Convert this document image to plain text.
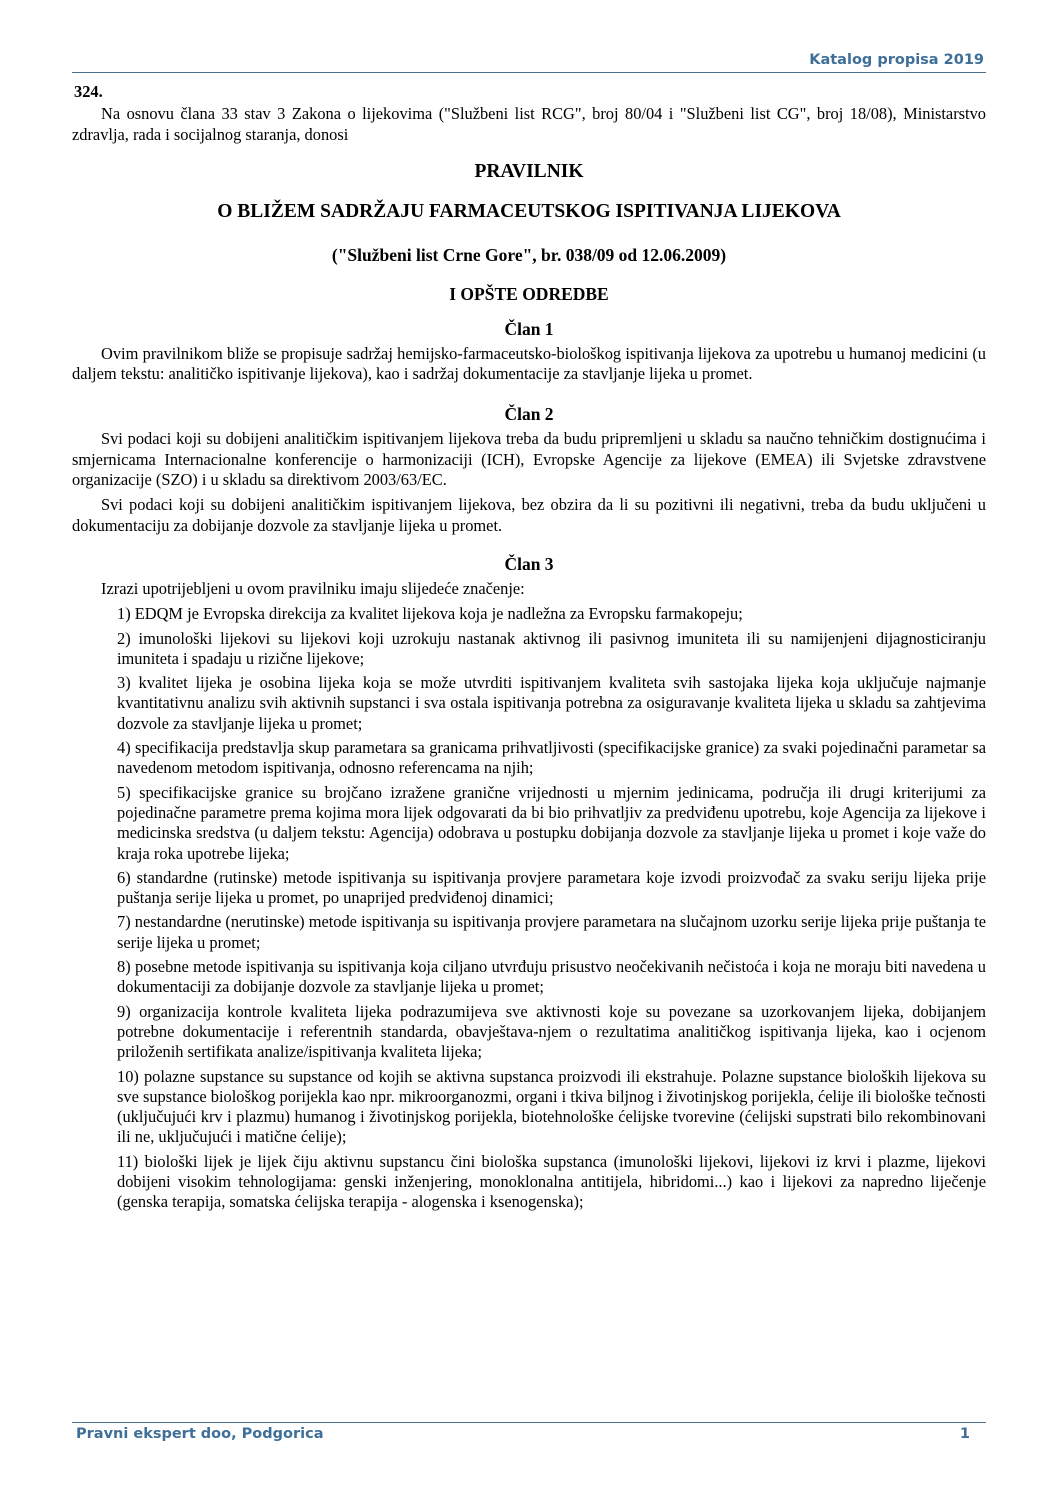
Katalog propisa 2019
324.

Na osnovu člana 33 stav 3 Zakona o lijekovima ("Službeni list RCG", broj 80/04 i "Službeni list CG", broj 18/08), Ministarstvo zdravlja, rada i socijalnog staranja, donosi

PRAVILNIK
O BLIŽEM SADRŽAJU FARMACEUTSKOG ISPITIVANJA LIJEKOVA
("Službeni list Crne Gore", br. 038/09 od 12.06.2009)
I OPŠTE ODREDBE
Član 1

Ovim pravilnikom bliže se propisuje sadržaj hemijsko-farmaceutsko-biološkog ispitivanja lijekova za upotrebu u humanoj medicini (u daljem tekstu: analitičko ispitivanje lijekova), kao i sadržaj dokumentacije za stavljanje lijeka u promet.

Član 2

Svi podaci koji su dobijeni analitičkim ispitivanjem lijekova treba da budu pripremljeni u skladu sa naučno tehničkim dostignućima i smjernicama Internacionalne konferencije o harmonizaciji (ICH), Evropske Agencije za lijekove (EMEA) ili Svjetske zdravstvene organizacije (SZO) i u skladu sa direktivom 2003/63/EC.

Svi podaci koji su dobijeni analitičkim ispitivanjem lijekova, bez obzira da li su pozitivni ili negativni, treba da budu uključeni u dokumentaciju za dobijanje dozvole za stavljanje lijeka u promet.

Član 3

Izrazi upotrijebljeni u ovom pravilniku imaju slijedeće značenje:

1) EDQM je Evropska direkcija za kvalitet lijekova koja je nadležna za Evropsku farmakopeju;

2) imunološki lijekovi su lijekovi koji uzrokuju nastanak aktivnog ili pasivnog imuniteta ili su namijenjeni dijagnosticiranju imuniteta i spadaju u rizične lijekove;

3) kvalitet lijeka je osobina lijeka koja se može utvrditi ispitivanjem kvaliteta svih sastojaka lijeka koja uključuje najmanje kvantitativnu analizu svih aktivnih supstanci i sva ostala ispitivanja potrebna za osiguravanje kvaliteta lijeka u skladu sa zahtjevima dozvole za stavljanje lijeka u promet;

4) specifikacija predstavlja skup parametara sa granicama prihvatljivosti (specifikacijske granice) za svaki pojedinačni parametar sa navedenom metodom ispitivanja, odnosno referencama na njih;

5) specifikacijske granice su brojčano izražene granične vrijednosti u mjernim jedinicama, područja ili drugi kriterijumi za pojedinačne parametre prema kojima mora lijek odgovarati da bi bio prihvatljiv za predviđenu upotrebu, koje Agencija za lijekove i medicinska sredstva (u daljem tekstu: Agencija) odobrava u postupku dobijanja dozvole za stavljanje lijeka u promet i koje važe do kraja roka upotrebe lijeka;

6) standardne (rutinske) metode ispitivanja su ispitivanja provjere parametara koje izvodi proizvođač za svaku seriju lijeka prije puštanja serije lijeka u promet, po unaprijed predviđenoj dinamici;

7) nestandardne (nerutinske) metode ispitivanja su ispitivanja provjere parametara na slučajnom uzorku serije lijeka prije puštanja te serije lijeka u promet;

8) posebne metode ispitivanja su ispitivanja koja ciljano utvrđuju prisustvo neočekivanih nečistoća i koja ne moraju biti navedena u dokumentaciji za dobijanje dozvole za stavljanje lijeka u promet;

9) organizacija kontrole kvaliteta lijeka podrazumijeva sve aktivnosti koje su povezane sa uzorkovanjem lijeka, dobijanjem potrebne dokumentacije i referentnih standarda, obavještava-njem o rezultatima analitičkog ispitivanja lijeka, kao i ocjenom priloženih sertifikata analize/ispitivanja kvaliteta lijeka;

10) polazne supstance su supstance od kojih se aktivna supstanca proizvodi ili ekstrahuje. Polazne supstance bioloških lijekova su sve supstance biološkog porijekla kao npr. mikroorganozmi, organi i tkiva biljnog i životinjskog porijekla, ćelije ili biološke tečnosti (uključujući krv i plazmu) humanog i životinjskog porijekla, biotehnološke ćelijske tvorevine (ćelijski supstrati bilo rekombinovani ili ne, uključujući i matične ćelije);

11) biološki lijek je lijek čiju aktivnu supstancu čini biološka supstanca (imunološki lijekovi, lijekovi iz krvi i plazme, lijekovi dobijeni visokim tehnologijama: genski inženjering, monoklonalna antitijela, hibridomi...) kao i lijekovi za napredno liječenje (genska terapija, somatska ćelijska terapija - alogenska i ksenogenska);

Pravni ekspert doo, Podgorica	1
